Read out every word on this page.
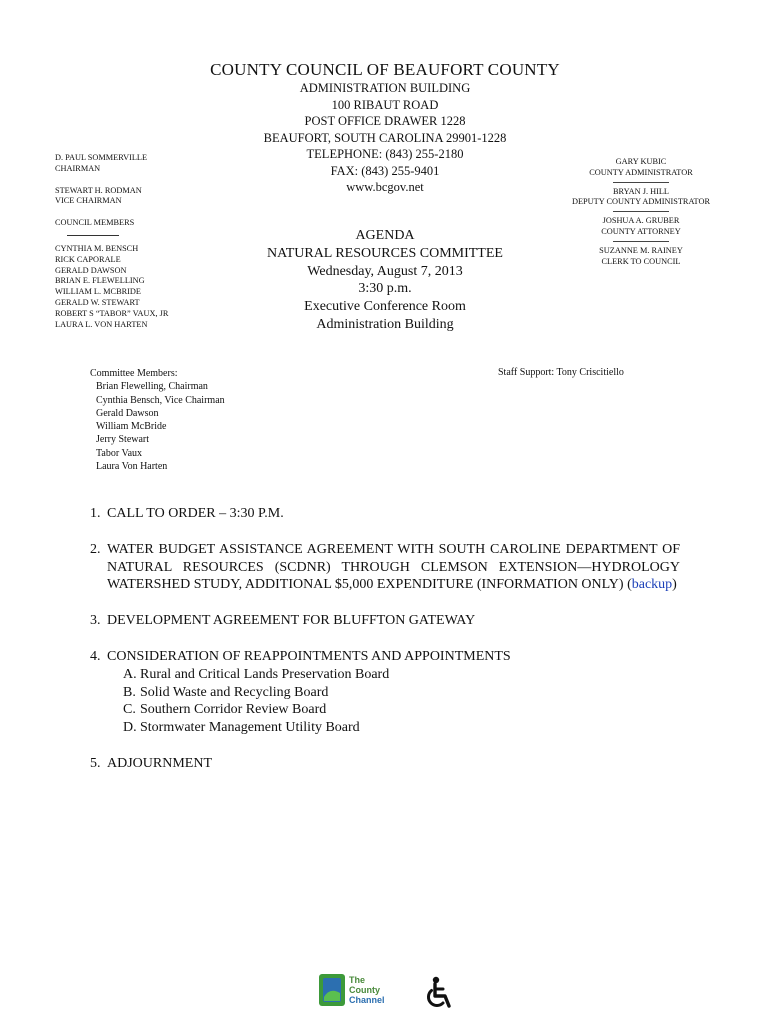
COUNTY COUNCIL OF BEAUFORT COUNTY
ADMINISTRATION BUILDING
100 RIBAUT ROAD
POST OFFICE DRAWER 1228
BEAUFORT, SOUTH CAROLINA 29901-1228
TELEPHONE: (843) 255-2180
FAX: (843) 255-9401
www.bcgov.net
D. PAUL SOMMERVILLE
CHAIRMAN
STEWART H. RODMAN
VICE CHAIRMAN
COUNCIL MEMBERS
CYNTHIA M. BENSCH
RICK CAPORALE
GERALD DAWSON
BRIAN E. FLEWELLING
WILLIAM L. MCBRIDE
GERALD W. STEWART
ROBERT S “TABOR” VAUX, JR
LAURA L. VON HARTEN
GARY KUBIC
COUNTY ADMINISTRATOR
BRYAN J. HILL
DEPUTY COUNTY ADMINISTRATOR
JOSHUA A. GRUBER
COUNTY ATTORNEY
SUZANNE M. RAINEY
CLERK TO COUNCIL
AGENDA
NATURAL RESOURCES COMMITTEE
Wednesday, August 7, 2013
3:30 p.m.
Executive Conference Room
Administration Building
Committee Members:
Brian Flewelling, Chairman
Cynthia Bensch, Vice Chairman
Gerald Dawson
William McBride
Jerry Stewart
Tabor Vaux
Laura Von Harten
Staff Support: Tony Criscitiello
1. CALL TO ORDER – 3:30 P.M.
2. WATER BUDGET ASSISTANCE AGREEMENT WITH SOUTH CAROLINE DEPARTMENT OF NATURAL RESOURCES (SCDNR) THROUGH CLEMSON EXTENSION—HYDROLOGY WATERSHED STUDY, ADDITIONAL $5,000 EXPENDITURE (INFORMATION ONLY) (backup)
3. DEVELOPMENT AGREEMENT FOR BLUFFTON GATEWAY
4. CONSIDERATION OF REAPPOINTMENTS AND APPOINTMENTS
A. Rural and Critical Lands Preservation Board
B. Solid Waste and Recycling Board
C. Southern Corridor Review Board
D. Stormwater Management Utility Board
5. ADJOURNMENT
The
County
Channel
